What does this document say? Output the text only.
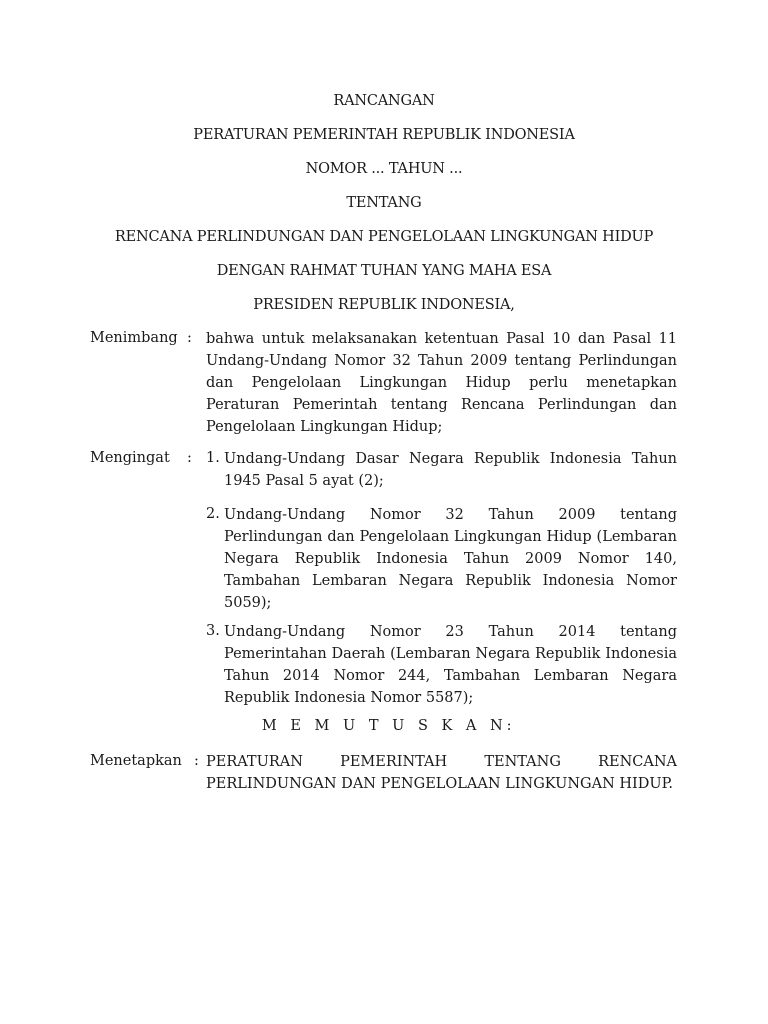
RANCANGAN
PERATURAN PEMERINTAH REPUBLIK INDONESIA
NOMOR ... TAHUN ...
TENTANG
RENCANA PERLINDUNGAN DAN PENGELOLAAN LINGKUNGAN HIDUP
DENGAN RAHMAT TUHAN YANG MAHA ESA
PRESIDEN REPUBLIK INDONESIA,
Menimbang : bahwa untuk melaksanakan ketentuan Pasal 10 dan Pasal 11 Undang-Undang Nomor 32 Tahun 2009 tentang Perlindungan dan Pengelolaan Lingkungan Hidup perlu menetapkan Peraturan Pemerintah tentang Rencana Perlindungan dan Pengelolaan Lingkungan Hidup;
Mengingat : 1. Undang-Undang Dasar Negara Republik Indonesia Tahun 1945 Pasal 5 ayat (2);
2. Undang-Undang Nomor 32 Tahun 2009 tentang Perlindungan dan Pengelolaan Lingkungan Hidup (Lembaran Negara Republik Indonesia Tahun 2009 Nomor 140, Tambahan Lembaran Negara Republik Indonesia Nomor 5059);
3. Undang-Undang Nomor 23 Tahun 2014 tentang Pemerintahan Daerah (Lembaran Negara Republik Indonesia Tahun 2014 Nomor 244, Tambahan Lembaran Negara Republik Indonesia Nomor 5587);
M E M U T U S K A N:
Menetapkan : PERATURAN PEMERINTAH TENTANG RENCANA PERLINDUNGAN DAN PENGELOLAAN LINGKUNGAN HIDUP.
